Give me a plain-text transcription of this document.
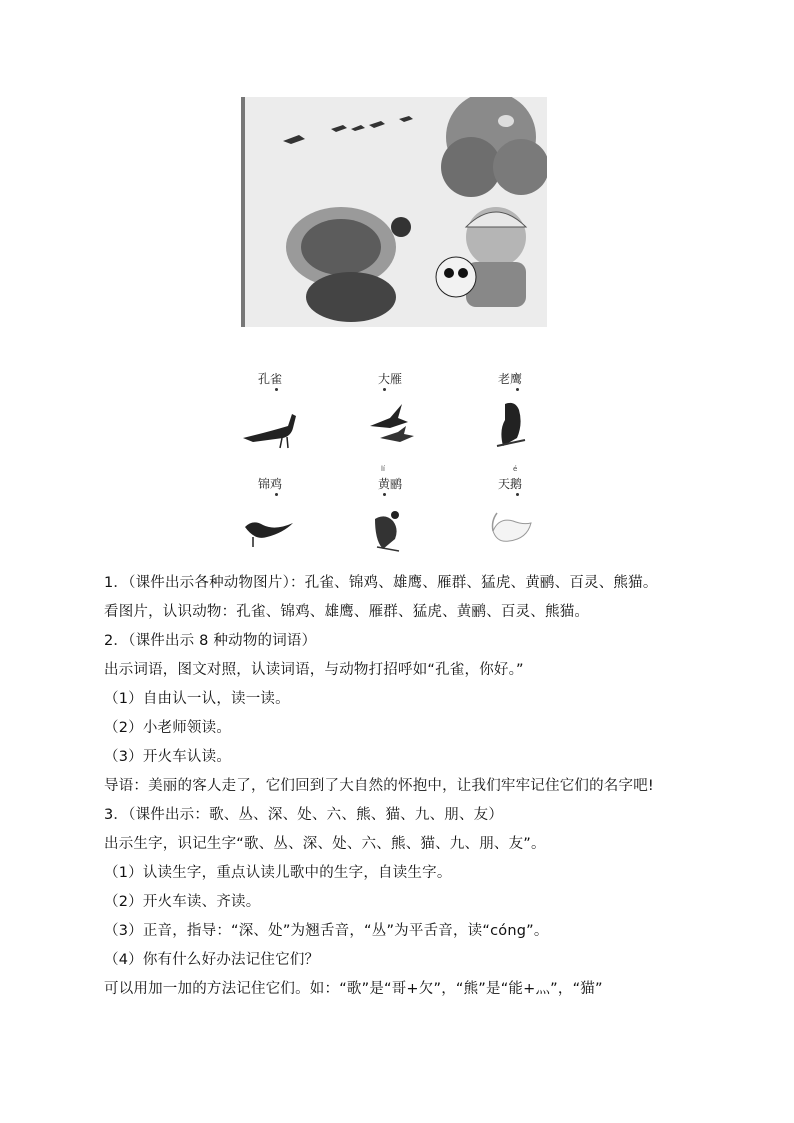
孔雀	大雁	老鹰
锦鸡
lí
黄鹂
é
天鹅
1．（课件出示各种动物图片）：孔雀、锦鸡、雄鹰、雁群、猛虎、黄鹂、百灵、熊猫。
看图片，认识动物：孔雀、锦鸡、雄鹰、雁群、猛虎、黄鹂、百灵、熊猫。
2．（课件出示 8 种动物的词语）
出示词语，图文对照，认读词语，与动物打招呼如“孔雀，你好。”
（1）自由认一认，读一读。
（2）小老师领读。
（3）开火车认读。
导语：美丽的客人走了，它们回到了大自然的怀抱中，让我们牢牢记住它们的名字吧!
3．（课件出示：歌、丛、深、处、六、熊、猫、九、朋、友）
出示生字，识记生字“歌、丛、深、处、六、熊、猫、九、朋、友”。
（1）认读生字，重点认读儿歌中的生字，自读生字。
（2）开火车读、齐读。
（3）正音，指导：“深、处”为翘舌音，“丛”为平舌音，读“cóng”。
（4）你有什么好办法记住它们？
可以用加一加的方法记住它们。如：“歌”是“哥+欠”，“熊”是“能+灬”，“猫”
